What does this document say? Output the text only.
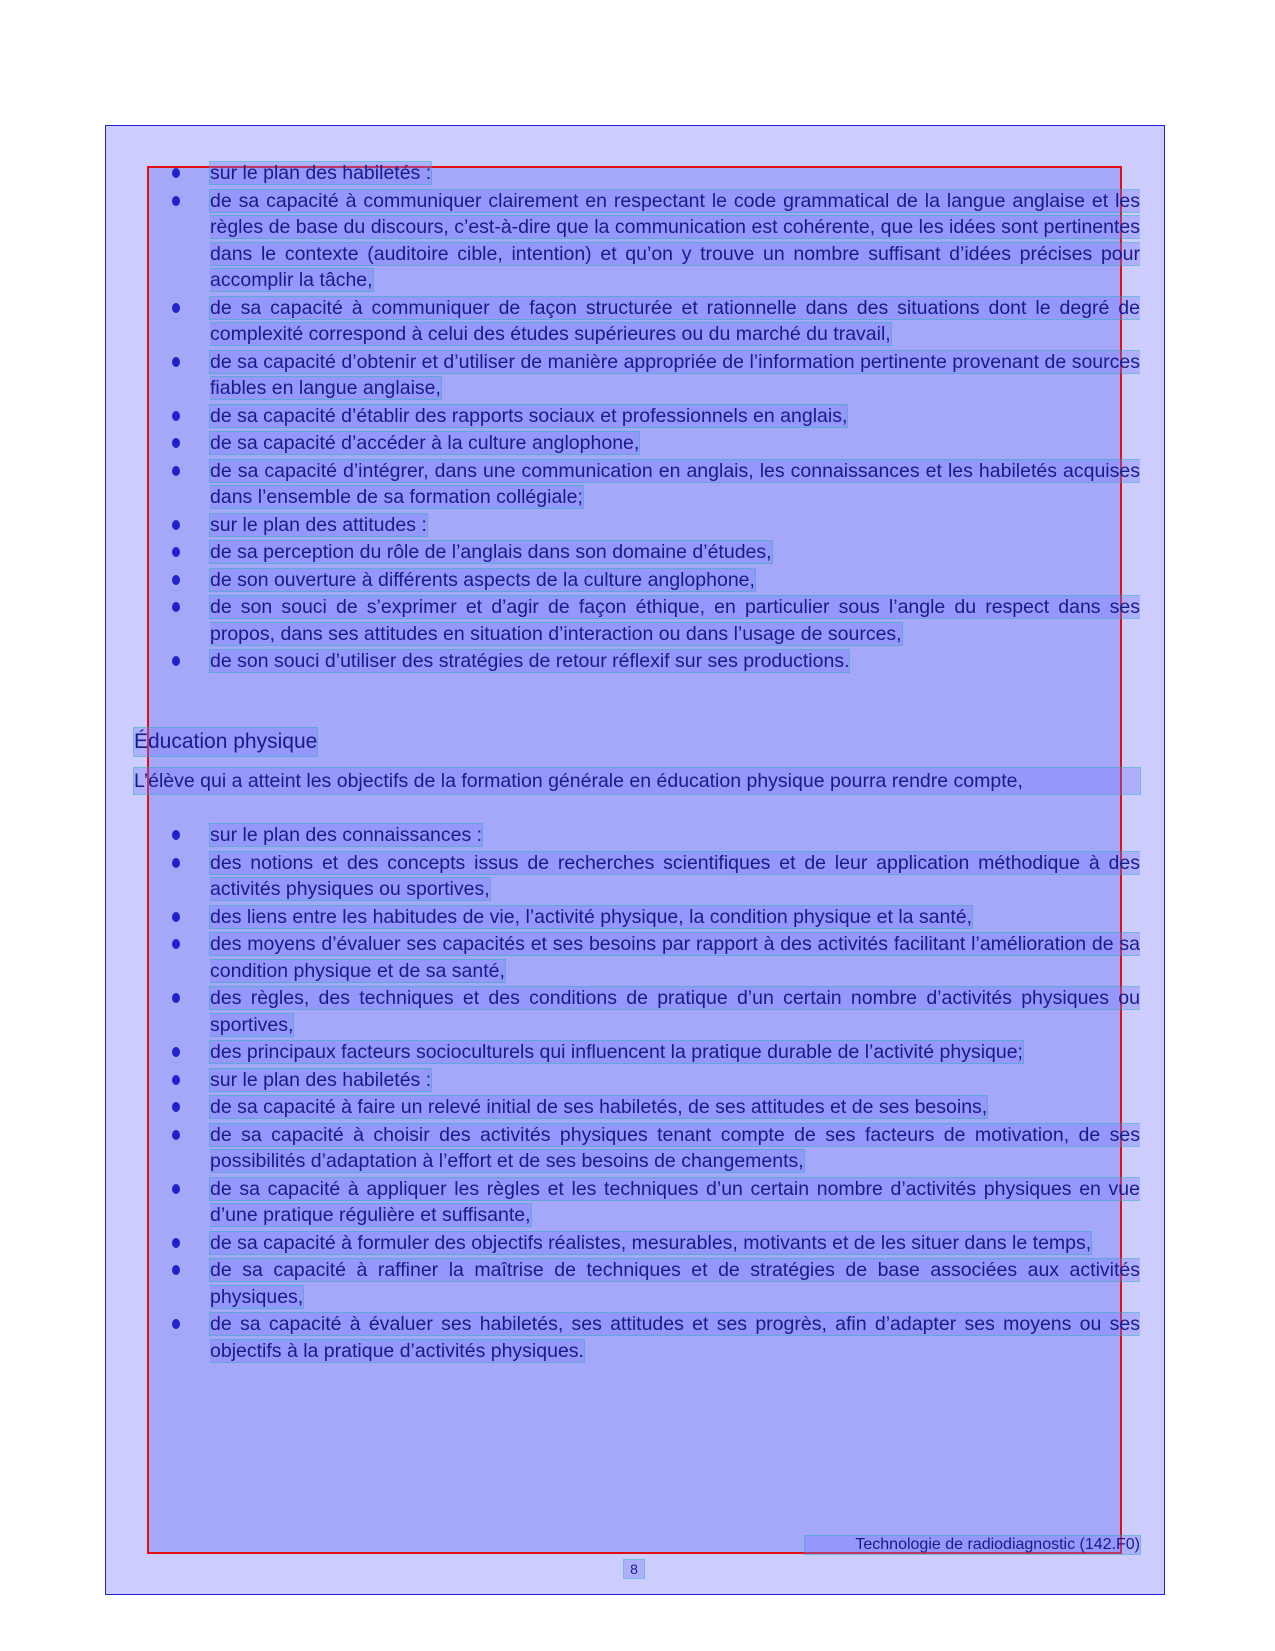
sur le plan des habiletés :
de sa capacité à communiquer clairement en respectant le code grammatical de la langue anglaise et les règles de base du discours, c’est-à-dire que la communication est cohérente, que les idées sont pertinentes dans le contexte (auditoire cible, intention) et qu’on y trouve un nombre suffisant d’idées précises pour accomplir la tâche,
de sa capacité à communiquer de façon structurée et rationnelle dans des situations dont le degré de complexité correspond à celui des études supérieures ou du marché du travail,
de sa capacité d’obtenir et d’utiliser de manière appropriée de l’information pertinente provenant de sources fiables en langue anglaise,
de sa capacité d’établir des rapports sociaux et professionnels en anglais,
de sa capacité d’accéder à la culture anglophone,
de sa capacité d’intégrer, dans une communication en anglais, les connaissances et les habiletés acquises dans l’ensemble de sa formation collégiale;
sur le plan des attitudes :
de sa perception du rôle de l’anglais dans son domaine d’études,
de son ouverture à différents aspects de la culture anglophone,
de son souci de s’exprimer et d’agir de façon éthique, en particulier sous l’angle du respect dans ses propos, dans ses attitudes en situation d’interaction ou dans l’usage de sources,
de son souci d’utiliser des stratégies de retour réflexif sur ses productions.
Éducation physique
L’élève qui a atteint les objectifs de la formation générale en éducation physique pourra rendre compte,
sur le plan des connaissances :
des notions et des concepts issus de recherches scientifiques et de leur application méthodique à des activités physiques ou sportives,
des liens entre les habitudes de vie, l’activité physique, la condition physique et la santé,
des moyens d’évaluer ses capacités et ses besoins par rapport à des activités facilitant l’amélioration de sa condition physique et de sa santé,
des règles, des techniques et des conditions de pratique d’un certain nombre d’activités physiques ou sportives,
des principaux facteurs socioculturels qui influencent la pratique durable de l’activité physique;
sur le plan des habiletés :
de sa capacité à faire un relevé initial de ses habiletés, de ses attitudes et de ses besoins,
de sa capacité à choisir des activités physiques tenant compte de ses facteurs de motivation, de ses possibilités d’adaptation à l’effort et de ses besoins de changements,
de sa capacité à appliquer les règles et les techniques d’un certain nombre d’activités physiques en vue d’une pratique régulière et suffisante,
de sa capacité à formuler des objectifs réalistes, mesurables, motivants et de les situer dans le temps,
de sa capacité à raffiner la maîtrise de techniques et de stratégies de base associées aux activités physiques,
de sa capacité à évaluer ses habiletés, ses attitudes et ses progrès, afin d’adapter ses moyens ou ses objectifs à la pratique d’activités physiques.
Technologie de radiodiagnostic (142.F0)
8
